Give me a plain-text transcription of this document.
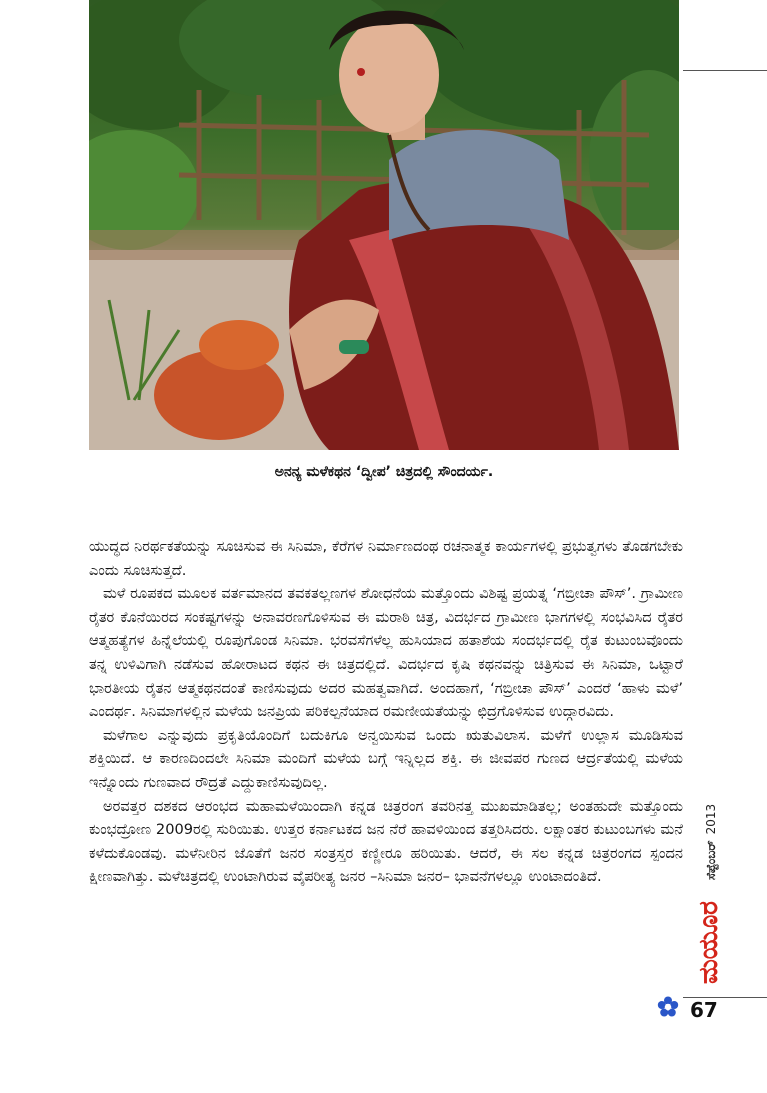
ಅನನ್ಯ ಮಳೆಕಥನ ‘ದ್ವೀಪ’ ಚಿತ್ರದಲ್ಲಿ ಸೌಂದರ್ಯ.

ಯುದ್ಧದ ನಿರರ್ಥಕತೆಯನ್ನು ಸೂಚಿಸುವ ಈ ಸಿನಿಮಾ, ಕೆರೆಗಳ ನಿರ್ಮಾಣದಂಥ ರಚನಾತ್ಮಕ ಕಾರ್ಯಗಳಲ್ಲಿ ಪ್ರಭುತ್ವಗಳು ತೊಡಗಬೇಕು ಎಂದು ಸೂಚಿಸುತ್ತದೆ.

ಮಳೆ ರೂಪಕದ ಮೂಲಕ ವರ್ತಮಾನದ ತವಕತಲ್ಲಣಗಳ ಶೋಧನೆಯ ಮತ್ತೊಂದು ವಿಶಿಷ್ಟ ಪ್ರಯತ್ನ ‘ಗಬ್ರೀಚಾ ಪೌಸ್’. ಗ್ರಾಮೀಣ ರೈತರ ಕೊನೆಯಿರದ ಸಂಕಷ್ಟಗಳನ್ನು ಅನಾವರಣಗೊಳಿಸುವ ಈ ಮರಾಠಿ ಚಿತ್ರ, ವಿದರ್ಭದ ಗ್ರಾಮೀಣ ಭಾಗಗಳಲ್ಲಿ ಸಂಭವಿಸಿದ ರೈತರ ಆತ್ಮಹತ್ಯೆಗಳ ಹಿನ್ನೆಲೆಯಲ್ಲಿ ರೂಪುಗೊಂಡ ಸಿನಿಮಾ. ಭರವಸೆಗಳೆಲ್ಲ ಹುಸಿಯಾದ ಹತಾಶೆಯ ಸಂದರ್ಭದಲ್ಲಿ ರೈತ ಕುಟುಂಬವೊಂದು ತನ್ನ ಉಳಿವಿಗಾಗಿ ನಡೆಸುವ ಹೋರಾಟದ ಕಥನ ಈ ಚಿತ್ರದಲ್ಲಿದೆ. ವಿದರ್ಭದ ಕೃಷಿ ಕಥನವನ್ನು ಚಿತ್ರಿಸುವ ಈ ಸಿನಿಮಾ, ಒಟ್ಟಾರೆ ಭಾರತೀಯ ರೈತನ ಆತ್ಮಕಥನದಂತೆ ಕಾಣಿಸುವುದು ಅದರ ಮಹತ್ವವಾಗಿದೆ. ಅಂದಹಾಗೆ, ‘ಗಬ್ರೀಚಾ ಪೌಸ್’ ಎಂದರೆ ‘ಹಾಳು ಮಳೆ’ ಎಂದರ್ಥ. ಸಿನಿಮಾಗಳಲ್ಲಿನ ಮಳೆಯ ಜನಪ್ರಿಯ ಪರಿಕಲ್ಪನೆಯಾದ ರಮಣೀಯತೆಯನ್ನು ಛಿದ್ರಗೊಳಿಸುವ ಉದ್ಗಾರವಿದು.

ಮಳೆಗಾಲ ಎನ್ನುವುದು ಪ್ರಕೃತಿಯೊಂದಿಗೆ ಬದುಕಿಗೂ ಅನ್ವಯಿಸುವ ಒಂದು ಋತುವಿಲಾಸ. ಮಳೆಗೆ ಉಲ್ಲಾಸ ಮೂಡಿಸುವ ಶಕ್ತಿಯಿದೆ. ಆ ಕಾರಣದಿಂದಲೇ ಸಿನಿಮಾ ಮಂದಿಗೆ ಮಳೆಯ ಬಗ್ಗೆ ಇನ್ನಿಲ್ಲದ ಶಕ್ತಿ. ಈ ಜೀವಪರ ಗುಣದ ಆರ್ದ್ರತೆಯಲ್ಲಿ ಮಳೆಯ ಇನ್ನೊಂದು ಗುಣವಾದ ರೌದ್ರತೆ ಎದ್ದುಕಾಣಿಸುವುದಿಲ್ಲ.

ಅರವತ್ತರ ದಶಕದ ಆರಂಭದ ಮಹಾಮಳೆಯಿಂದಾಗಿ ಕನ್ನಡ ಚಿತ್ರರಂಗ ತವರಿನತ್ತ ಮುಖಮಾಡಿತಲ್ಲ; ಅಂತಹುದೇ ಮತ್ತೊಂದು ಕುಂಭದ್ರೋಣ 2009ರಲ್ಲಿ ಸುರಿಯಿತು. ಉತ್ತರ ಕರ್ನಾಟಕದ ಜನ ನೆರೆ ಹಾವಳಿಯಿಂದ ತತ್ತರಿಸಿದರು. ಲಕ್ಷಾಂತರ ಕುಟುಂಬಗಳು ಮನೆ ಕಳೆದುಕೊಂಡವು. ಮಳೆನೀರಿನ ಜೊತೆಗೆ ಜನರ ಸಂತ್ರಸ್ತರ ಕಣ್ಣೀರೂ ಹರಿಯಿತು. ಆದರೆ, ಈ ಸಲ ಕನ್ನಡ ಚಿತ್ರರಂಗದ ಸ್ಪಂದನ ಕ್ಷೀಣವಾಗಿತ್ತು. ಮಳೆಚಿತ್ರದಲ್ಲಿ ಉಂಟಾಗಿರುವ ವೈಪರೀತ್ಯ ಜನರ –ಸಿನಿಮಾ ಜನರ– ಭಾವನೆಗಳಲ್ಲೂ ಉಂಟಾದಂತಿದೆ.	ಸೆಪ್ಟೆಂಬರ್2013
ಮಯೂರ
67
